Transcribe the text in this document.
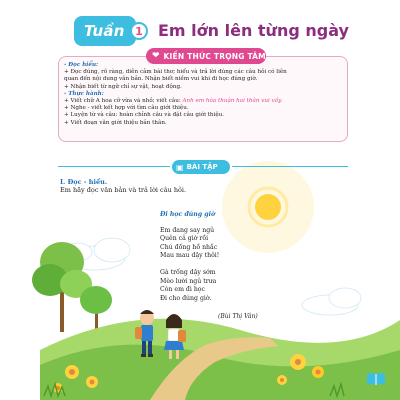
Tuần 1 Em lớn lên từng ngày
❤ KIẾN THỨC TRỌNG TÂM
- Đọc hiểu:
+ Đọc đúng, rõ ràng, diễn cảm bài thơ; hiểu và trả lời đúng các câu hỏi có liên
quan đến nội dung văn bản. Nhận biết niềm vui khi đi học đúng giờ.
+ Nhận biết từ ngữ chỉ sự vật, hoạt động.
- Thực hành:
+ Viết chữ A hoa cỡ vừa và nhỏ; viết câu: Anh em hòa thuận hai thân vui vầy.
+ Nghe - viết kết hợp với tìm câu giới thiệu.
+ Luyện từ và câu: hoàn chỉnh câu và đặt câu giới thiệu.
+ Viết đoạn văn giới thiệu bản thân.
▣ BÀI TẬP
I. Đọc - hiểu.
Em hãy đọc văn bản và trả lời câu hỏi.
Đi học đúng giờ
Em đang say ngủ
Quên cả giờ rồi
Chú đồng hồ nhắc
Mau mau dậy thôi!
Gà trống dậy sớm
Mèo lười ngủ trưa
Còn em đi học
Đi cho đúng giờ.
(Bùi Thị Vân)
